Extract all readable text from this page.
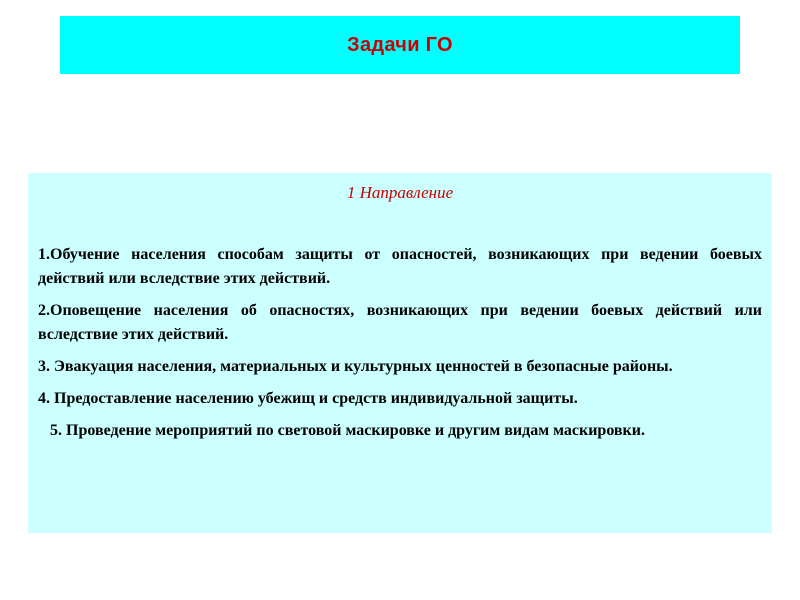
Задачи ГО
1 Направление
1.Обучение населения способам защиты от опасностей, возникающих при ведении боевых действий или вследствие этих действий.
2.Оповещение населения об опасностях, возникающих при ведении боевых действий или вследствие этих действий.
3. Эвакуация населения, материальных и культурных ценностей в безопасные районы.
4. Предоставление населению убежищ и средств индивидуальной защиты.
5. Проведение мероприятий по световой маскировке и другим видам маскировки.
